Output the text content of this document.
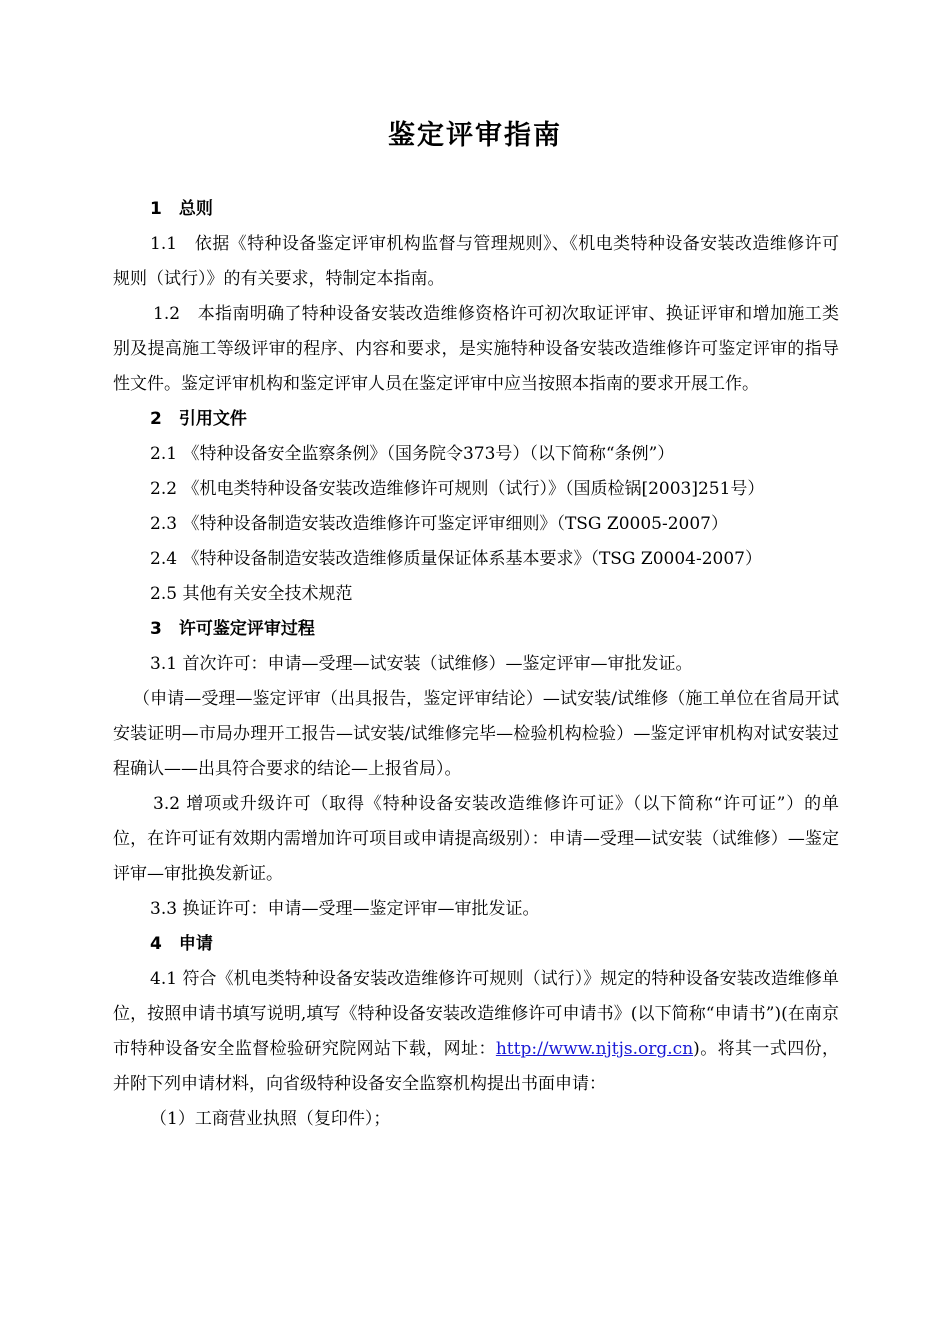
鉴定评审指南
1　总则
1.1　依据《特种设备鉴定评审机构监督与管理规则》、《机电类特种设备安装改造维修许可规则（试行）》的有关要求，特制定本指南。
1.2　本指南明确了特种设备安装改造维修资格许可初次取证评审、换证评审和增加施工类别及提高施工等级评审的程序、内容和要求，是实施特种设备安装改造维修许可鉴定评审的指导性文件。鉴定评审机构和鉴定评审人员在鉴定评审中应当按照本指南的要求开展工作。
2　引用文件
2.1 《特种设备安全监察条例》（国务院令373号）（以下简称“条例”）
2.2 《机电类特种设备安装改造维修许可规则（试行）》（国质检锅[2003]251号）
2.3 《特种设备制造安装改造维修许可鉴定评审细则》（TSG Z0005-2007）
2.4 《特种设备制造安装改造维修质量保证体系基本要求》（TSG Z0004-2007）
2.5 其他有关安全技术规范
3　许可鉴定评审过程
3.1 首次许可：申请—受理—试安装（试维修）—鉴定评审—审批发证。
（申请—受理—鉴定评审（出具报告，鉴定评审结论）—试安装/试维修（施工单位在省局开试安装证明—市局办理开工报告—试安装/试维修完毕—检验机构检验）—鉴定评审机构对试安装过程确认——出具符合要求的结论—上报省局）。
3.2 增项或升级许可（取得《特种设备安装改造维修许可证》（以下简称“许可证”）的单位，在许可证有效期内需增加许可项目或申请提高级别）：申请—受理—试安装（试维修）—鉴定评审—审批换发新证。
3.3 换证许可：申请—受理—鉴定评审—审批发证。
4　申请
4.1 符合《机电类特种设备安装改造维修许可规则（试行）》规定的特种设备安装改造维修单位，按照申请书填写说明,填写《特种设备安装改造维修许可申请书》(以下简称“申请书”)(在南京市特种设备安全监督检验研究院网站下载，网址：http://www.njtjs.org.cn)。将其一式四份，并附下列申请材料，向省级特种设备安全监察机构提出书面申请：
（1）工商营业执照（复印件）；
